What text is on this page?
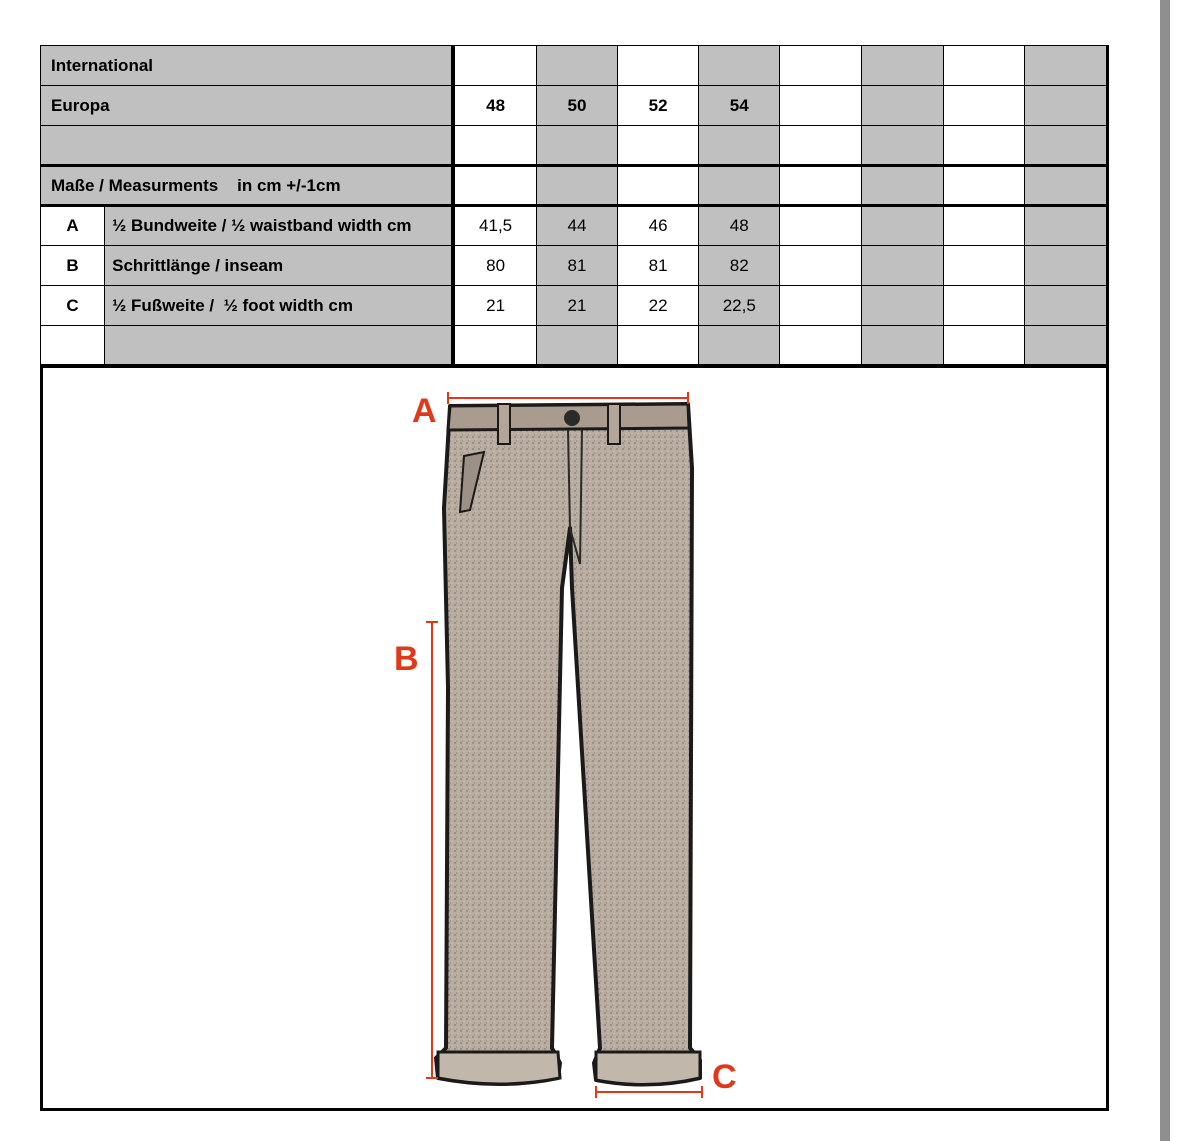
International									
Europa		48	50	52	54				

Maße / Measurments    in cm +/-1cm									
A	½ Bundweite / ½ waistband width cm	41,5	44	46	48				
B	Schrittlänge / inseam	80	81	81	82				
C	½ Fußweite /  ½ foot width cm	21	21	22	22,5				

A
B
C
